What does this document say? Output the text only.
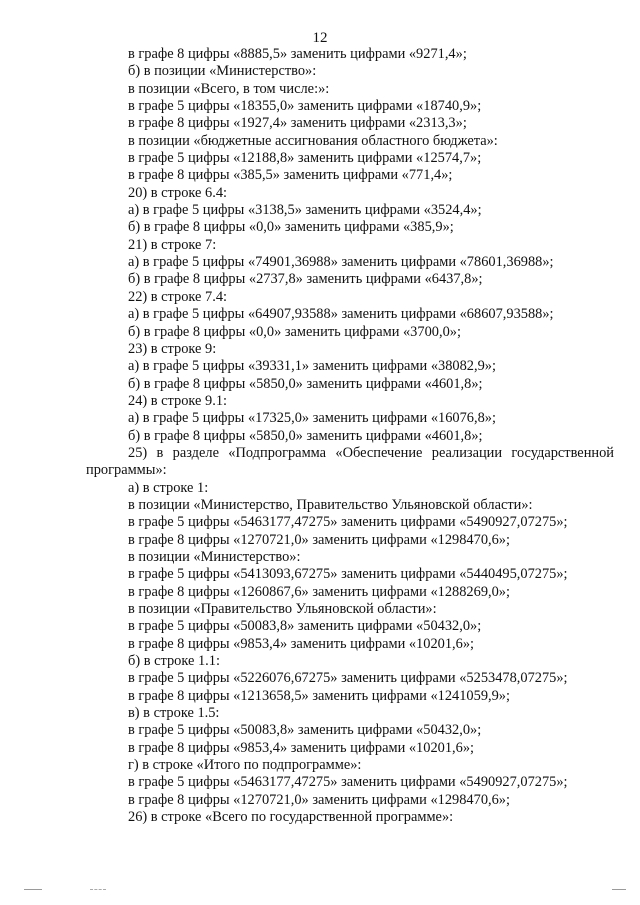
12
в графе 8 цифры «8885,5» заменить цифрами «9271,4»;
б) в позиции «Министерство»:
в позиции «Всего, в том числе:»:
в графе 5 цифры «18355,0» заменить цифрами «18740,9»;
в графе 8 цифры «1927,4» заменить цифрами «2313,3»;
в позиции «бюджетные ассигнования областного бюджета»:
в графе 5 цифры «12188,8» заменить цифрами «12574,7»;
в графе 8 цифры «385,5» заменить цифрами «771,4»;
20) в строке 6.4:
а) в графе 5 цифры «3138,5» заменить цифрами «3524,4»;
б) в графе 8 цифры «0,0» заменить цифрами «385,9»;
21) в строке 7:
а) в графе 5 цифры «74901,36988» заменить цифрами «78601,36988»;
б) в графе 8 цифры «2737,8» заменить цифрами «6437,8»;
22) в строке 7.4:
а) в графе 5 цифры «64907,93588» заменить цифрами «68607,93588»;
б) в графе 8 цифры «0,0» заменить цифрами «3700,0»;
23) в строке 9:
а) в графе 5 цифры «39331,1» заменить цифрами «38082,9»;
б) в графе 8 цифры «5850,0» заменить цифрами «4601,8»;
24) в строке 9.1:
а) в графе 5 цифры «17325,0» заменить цифрами «16076,8»;
б) в графе 8 цифры «5850,0» заменить цифрами «4601,8»;
25) в разделе «Подпрограмма «Обеспечение реализации государственной
программы»:
а) в строке 1:
в позиции «Министерство, Правительство Ульяновской области»:
в графе 5 цифры «5463177,47275» заменить цифрами «5490927,07275»;
в графе 8 цифры «1270721,0» заменить цифрами «1298470,6»;
в позиции «Министерство»:
в графе 5 цифры «5413093,67275» заменить цифрами «5440495,07275»;
в графе 8 цифры «1260867,6» заменить цифрами «1288269,0»;
в позиции «Правительство Ульяновской области»:
в графе 5 цифры «50083,8» заменить цифрами «50432,0»;
в графе 8 цифры «9853,4» заменить цифрами «10201,6»;
б) в строке 1.1:
в графе 5 цифры «5226076,67275» заменить цифрами «5253478,07275»;
в графе 8 цифры «1213658,5» заменить цифрами «1241059,9»;
в) в строке 1.5:
в графе 5 цифры «50083,8» заменить цифрами «50432,0»;
в графе 8 цифры «9853,4» заменить цифрами «10201,6»;
г) в строке «Итого по подпрограмме»:
в графе 5 цифры «5463177,47275» заменить цифрами «5490927,07275»;
в графе 8 цифры «1270721,0» заменить цифрами «1298470,6»;
26) в строке «Всего по государственной программе»:
